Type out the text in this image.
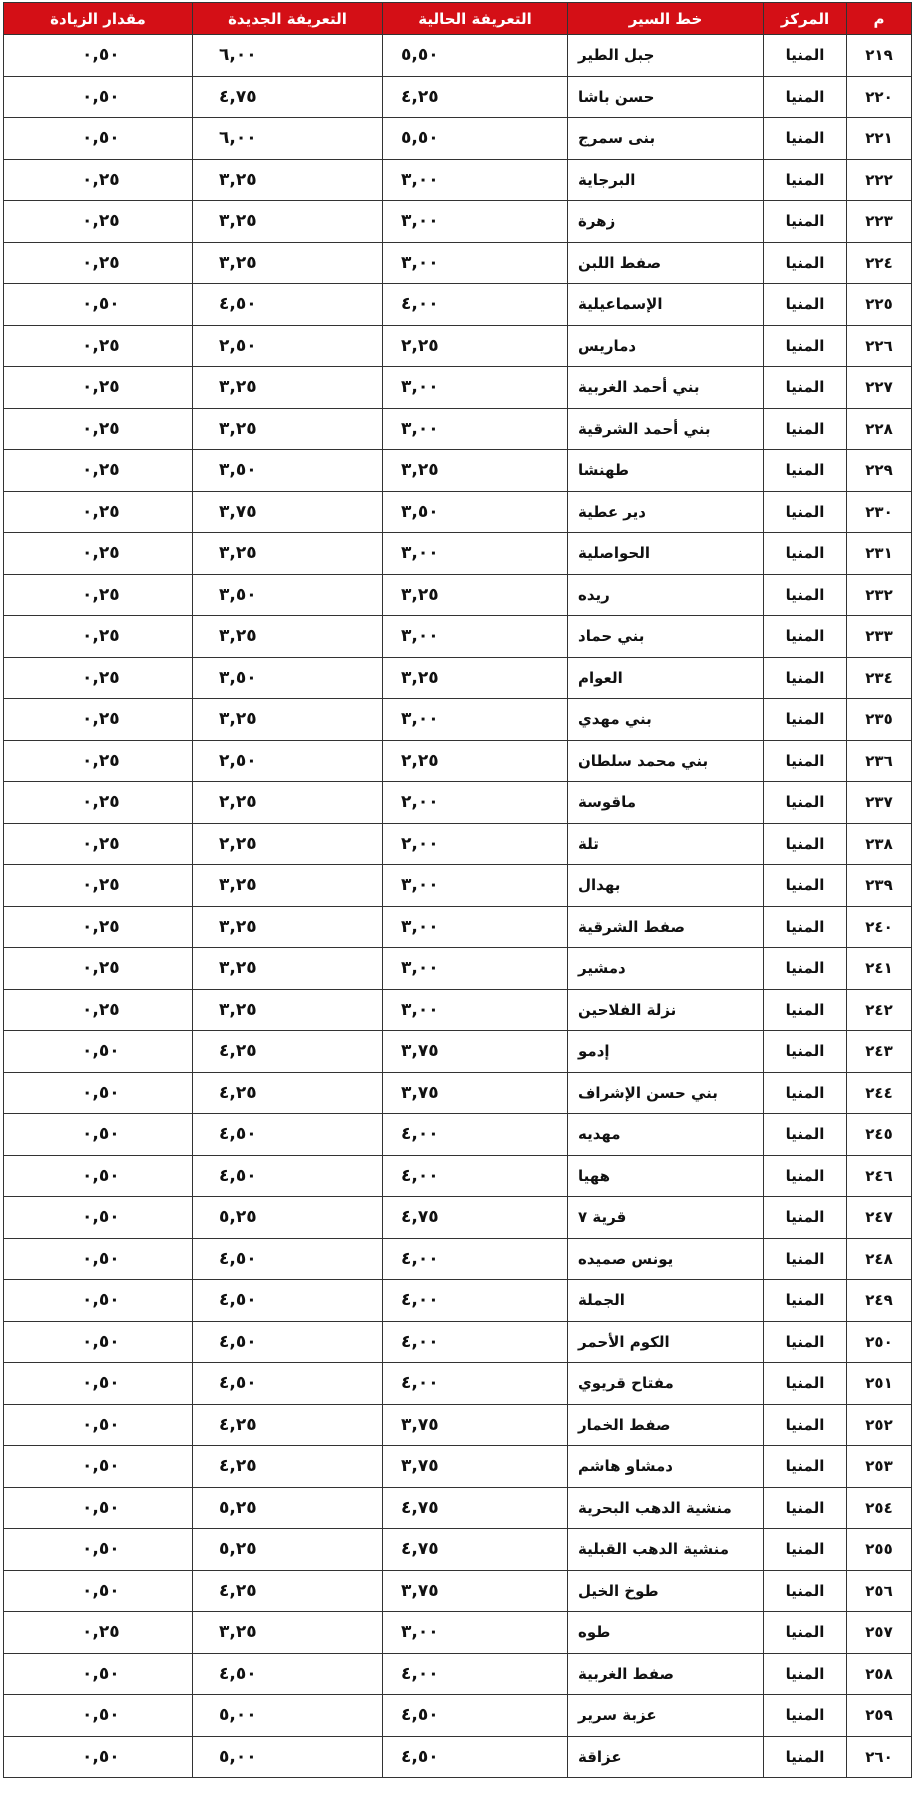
م	المركز	خط السير	التعريفة الحالية	التعريفة الجديدة	مقدار الزيادة
٢١٩	المنيا	جبل الطير	٥,٥٠	٦,٠٠	٠,٥٠
٢٢٠	المنيا	حسن باشا	٤,٢٥	٤,٧٥	٠,٥٠
٢٢١	المنيا	بنى سمرج	٥,٥٠	٦,٠٠	٠,٥٠
٢٢٢	المنيا	البرجاية	٣,٠٠	٣,٢٥	٠,٢٥
٢٢٣	المنيا	زهرة	٣,٠٠	٣,٢٥	٠,٢٥
٢٢٤	المنيا	صفط اللبن	٣,٠٠	٣,٢٥	٠,٢٥
٢٢٥	المنيا	الإسماعيلية	٤,٠٠	٤,٥٠	٠,٥٠
٢٢٦	المنيا	دماريس	٢,٢٥	٢,٥٠	٠,٢٥
٢٢٧	المنيا	بني أحمد الغربية	٣,٠٠	٣,٢٥	٠,٢٥
٢٢٨	المنيا	بني أحمد الشرقية	٣,٠٠	٣,٢٥	٠,٢٥
٢٢٩	المنيا	طهنشا	٣,٢٥	٣,٥٠	٠,٢٥
٢٣٠	المنيا	دير عطية	٣,٥٠	٣,٧٥	٠,٢٥
٢٣١	المنيا	الحواصلية	٣,٠٠	٣,٢٥	٠,٢٥
٢٣٢	المنيا	ريده	٣,٢٥	٣,٥٠	٠,٢٥
٢٣٣	المنيا	بني حماد	٣,٠٠	٣,٢٥	٠,٢٥
٢٣٤	المنيا	العوام	٣,٢٥	٣,٥٠	٠,٢٥
٢٣٥	المنيا	بني مهدي	٣,٠٠	٣,٢٥	٠,٢٥
٢٣٦	المنيا	بني محمد سلطان	٢,٢٥	٢,٥٠	٠,٢٥
٢٣٧	المنيا	ماقوسة	٢,٠٠	٢,٢٥	٠,٢٥
٢٣٨	المنيا	تلة	٢,٠٠	٢,٢٥	٠,٢٥
٢٣٩	المنيا	بهدال	٣,٠٠	٣,٢٥	٠,٢٥
٢٤٠	المنيا	صفط الشرقية	٣,٠٠	٣,٢٥	٠,٢٥
٢٤١	المنيا	دمشير	٣,٠٠	٣,٢٥	٠,٢٥
٢٤٢	المنيا	نزلة الفلاحين	٣,٠٠	٣,٢٥	٠,٢٥
٢٤٣	المنيا	إدمو	٣,٧٥	٤,٢٥	٠,٥٠
٢٤٤	المنيا	بني حسن الإشراف	٣,٧٥	٤,٢٥	٠,٥٠
٢٤٥	المنيا	مهديه	٤,٠٠	٤,٥٠	٠,٥٠
٢٤٦	المنيا	ههيا	٤,٠٠	٤,٥٠	٠,٥٠
٢٤٧	المنيا	قرية ٧	٤,٧٥	٥,٢٥	٠,٥٠
٢٤٨	المنيا	يونس صميده	٤,٠٠	٤,٥٠	٠,٥٠
٢٤٩	المنيا	الجملة	٤,٠٠	٤,٥٠	٠,٥٠
٢٥٠	المنيا	الكوم الأحمر	٤,٠٠	٤,٥٠	٠,٥٠
٢٥١	المنيا	مفتاح قريوي	٤,٠٠	٤,٥٠	٠,٥٠
٢٥٢	المنيا	صفط الخمار	٣,٧٥	٤,٢٥	٠,٥٠
٢٥٣	المنيا	دمشاو هاشم	٣,٧٥	٤,٢٥	٠,٥٠
٢٥٤	المنيا	منشية الدهب البحرية	٤,٧٥	٥,٢٥	٠,٥٠
٢٥٥	المنيا	منشية الدهب القبلية	٤,٧٥	٥,٢٥	٠,٥٠
٢٥٦	المنيا	طوخ الخيل	٣,٧٥	٤,٢٥	٠,٥٠
٢٥٧	المنيا	طوه	٣,٠٠	٣,٢٥	٠,٢٥
٢٥٨	المنيا	صفط الغربية	٤,٠٠	٤,٥٠	٠,٥٠
٢٥٩	المنيا	عزبة سرير	٤,٥٠	٥,٠٠	٠,٥٠
٢٦٠	المنيا	عزاقة	٤,٥٠	٥,٠٠	٠,٥٠
